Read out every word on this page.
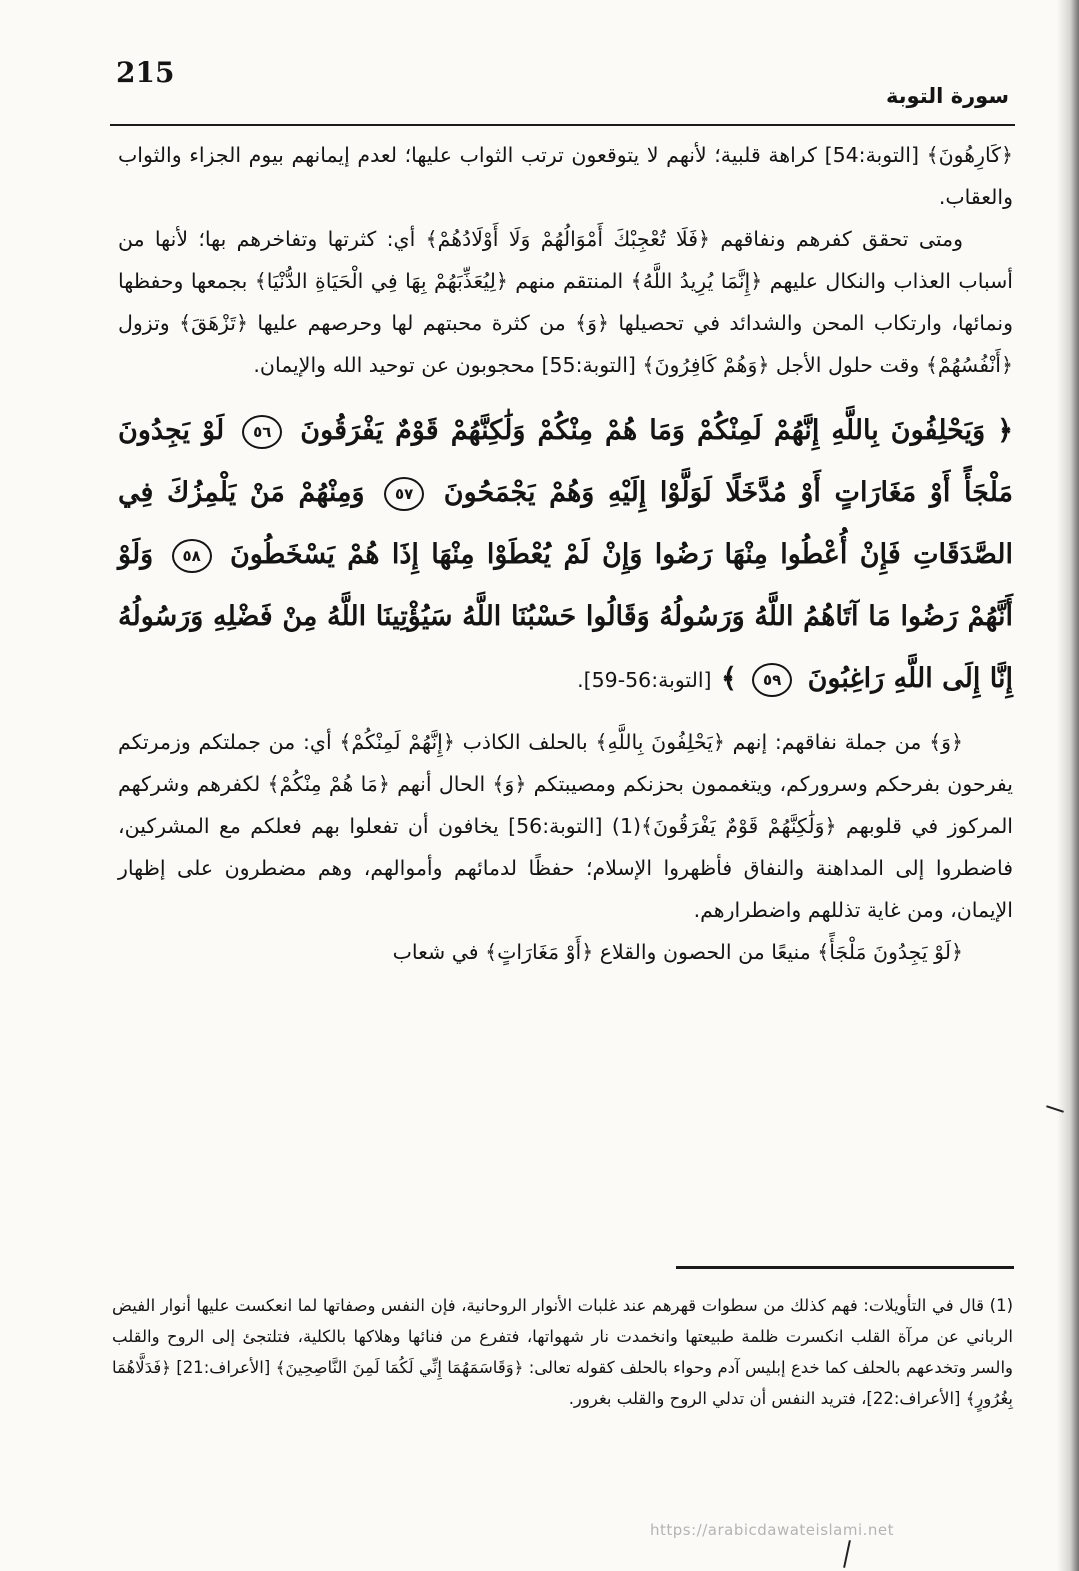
215
سورة التوبة

﴿كَارِهُونَ﴾ [التوبة:54] كراهة قلبية؛ لأنهم لا يتوقعون ترتب الثواب عليها؛ لعدم إيمانهم بيوم الجزاء والثواب والعقاب.

ومتى تحقق كفرهم ونفاقهم ﴿فَلَا تُعْجِبْكَ أَمْوَالُهُمْ وَلَا أَوْلَادُهُمْ﴾ أي: كثرتها وتفاخرهم بها؛ لأنها من أسباب العذاب والنكال عليهم ﴿إِنَّمَا يُرِيدُ اللَّهُ﴾ المنتقم منهم ﴿لِيُعَذِّبَهُمْ بِهَا فِي الْحَيَاةِ الدُّنْيَا﴾ بجمعها وحفظها ونمائها، وارتكاب المحن والشدائد في تحصيلها ﴿وَ﴾ من كثرة محبتهم لها وحرصهم عليها ﴿تَزْهَقَ﴾ وتزول ﴿أَنْفُسُهُمْ﴾ وقت حلول الأجل ﴿وَهُمْ كَافِرُونَ﴾ [التوبة:55] محجوبون عن توحيد الله والإيمان.

﴿ وَيَحْلِفُونَ بِاللَّهِ إِنَّهُمْ لَمِنْكُمْ وَمَا هُمْ مِنْكُمْ وَلَٰكِنَّهُمْ قَوْمٌ يَفْرَقُونَ ٥٦ لَوْ يَجِدُونَ مَلْجَأً أَوْ مَغَارَاتٍ أَوْ مُدَّخَلًا لَوَلَّوْا إِلَيْهِ وَهُمْ يَجْمَحُونَ ٥٧ وَمِنْهُمْ مَنْ يَلْمِزُكَ فِي الصَّدَقَاتِ فَإِنْ أُعْطُوا مِنْهَا رَضُوا وَإِنْ لَمْ يُعْطَوْا مِنْهَا إِذَا هُمْ يَسْخَطُونَ ٥٨ وَلَوْ أَنَّهُمْ رَضُوا مَا آتَاهُمُ اللَّهُ وَرَسُولُهُ وَقَالُوا حَسْبُنَا اللَّهُ سَيُؤْتِينَا اللَّهُ مِنْ فَضْلِهِ وَرَسُولُهُ إِنَّا إِلَى اللَّهِ رَاغِبُونَ ٥٩ ﴾ [التوبة:56-59].

﴿وَ﴾ من جملة نفاقهم: إنهم ﴿يَحْلِفُونَ بِاللَّهِ﴾ بالحلف الكاذب ﴿إِنَّهُمْ لَمِنْكُمْ﴾ أي: من جملتكم وزمرتكم يفرحون بفرحكم وسروركم، ويتغممون بحزنكم ومصيبتكم ﴿وَ﴾ الحال أنهم ﴿مَا هُمْ مِنْكُمْ﴾ لكفرهم وشركهم المركوز في قلوبهم ﴿وَلَٰكِنَّهُمْ قَوْمٌ يَفْرَقُونَ﴾(1) [التوبة:56] يخافون أن تفعلوا بهم فعلكم مع المشركين، فاضطروا إلى المداهنة والنفاق فأظهروا الإسلام؛ حفظًا لدمائهم وأموالهم، وهم مضطرون على إظهار الإيمان، ومن غاية تذللهم واضطرارهم.

﴿لَوْ يَجِدُونَ مَلْجَأً﴾ منيعًا من الحصون والقلاع ﴿أَوْ مَغَارَاتٍ﴾ في شعاب

(1) قال في التأويلات: فهم كذلك من سطوات قهرهم عند غلبات الأنوار الروحانية، فإن النفس وصفاتها لما انعكست عليها أنوار الفيض الرباني عن مرآة القلب انكسرت ظلمة طبيعتها وانخمدت نار شهواتها، فتفرع من فنائها وهلاكها بالكلية، فتلتجئ إلى الروح والقلب والسر وتخدعهم بالحلف كما خدع إبليس آدم وحواء بالحلف كقوله تعالى: ﴿وَقَاسَمَهُمَا إِنِّي لَكُمَا لَمِنَ النَّاصِحِينَ﴾ [الأعراف:21] ﴿فَدَلَّاهُمَا بِغُرُورٍ﴾ [الأعراف:22]، فتريد النفس أن تدلي الروح والقلب بغرور.

https://arabicdawateislami.net
